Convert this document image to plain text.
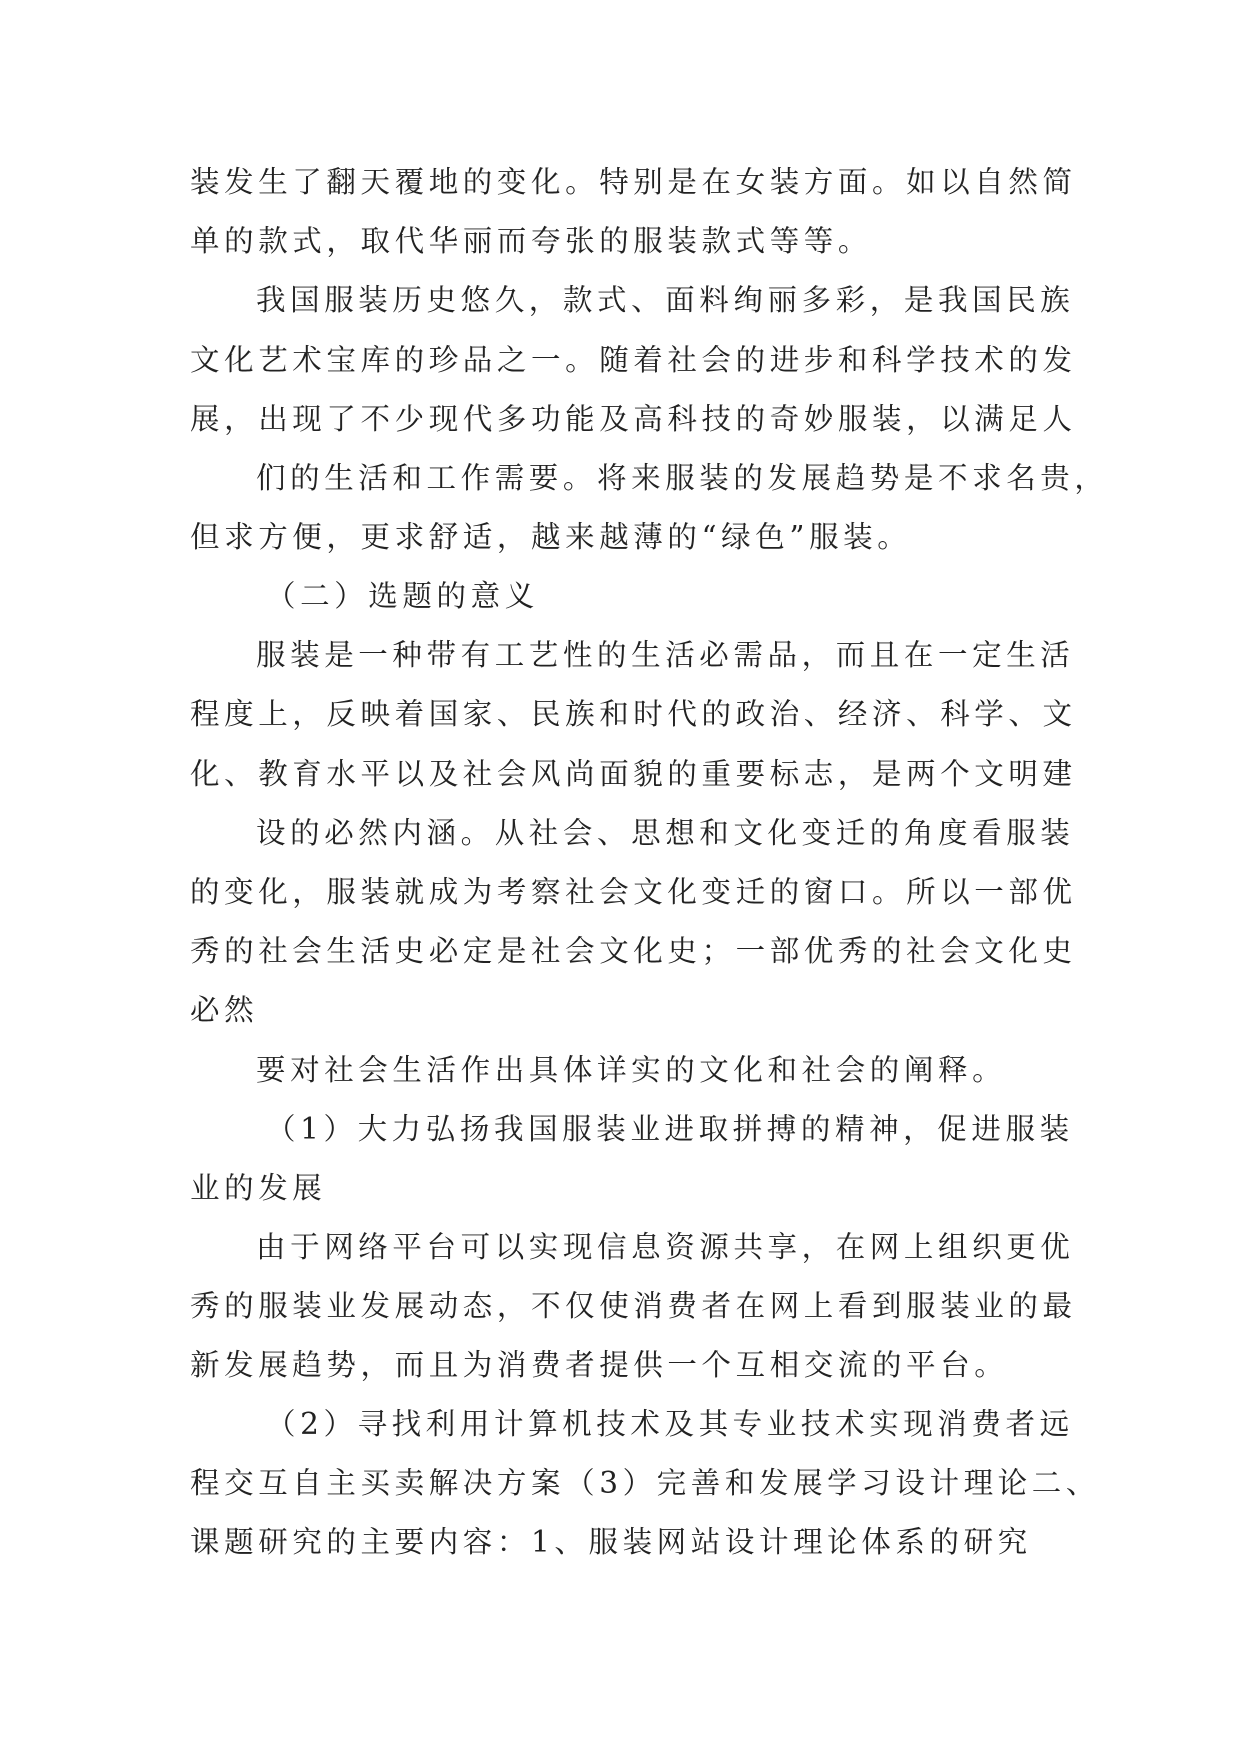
装发生了翻天覆地的变化。特别是在女装方面。如以自然简
单的款式，取代华丽而夸张的服装款式等等。
我国服装历史悠久，款式、面料绚丽多彩，是我国民族
文化艺术宝库的珍品之一。随着社会的进步和科学技术的发
展，出现了不少现代多功能及高科技的奇妙服装，以满足人
们的生活和工作需要。将来服装的发展趋势是不求名贵，
但求方便，更求舒适，越来越薄的“绿色”服装。
（二）选题的意义
服装是一种带有工艺性的生活必需品，而且在一定生活
程度上，反映着国家、民族和时代的政治、经济、科学、文
化、教育水平以及社会风尚面貌的重要标志，是两个文明建
设的必然内涵。从社会、思想和文化变迁的角度看服装
的变化，服装就成为考察社会文化变迁的窗口。所以一部优
秀的社会生活史必定是社会文化史；一部优秀的社会文化史
必然
要对社会生活作出具体详实的文化和社会的阐释。
（1）大力弘扬我国服装业进取拼搏的精神，促进服装
业的发展
由于网络平台可以实现信息资源共享，在网上组织更优
秀的服装业发展动态，不仅使消费者在网上看到服装业的最
新发展趋势，而且为消费者提供一个互相交流的平台。
（2）寻找利用计算机技术及其专业技术实现消费者远
程交互自主买卖解决方案（3）完善和发展学习设计理论二、
课题研究的主要内容：1、服装网站设计理论体系的研究
